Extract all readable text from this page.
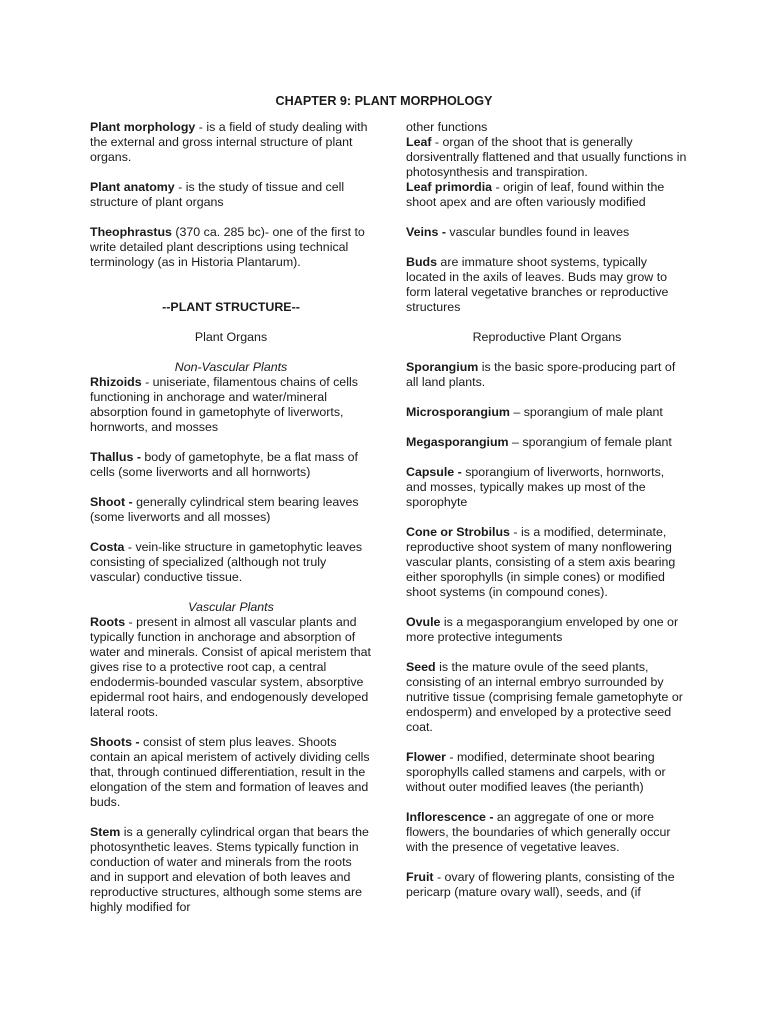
CHAPTER 9: PLANT MORPHOLOGY

Plant morphology - is a field of study dealing with the external and gross internal structure of plant organs.

Plant anatomy - is the study of tissue and cell structure of plant organs

Theophrastus (370 ca. 285 bc)- one of the first to write detailed plant descriptions using technical terminology (as in Historia Plantarum).

--PLANT STRUCTURE--

Plant Organs

Non-Vascular Plants

Rhizoids - uniseriate, filamentous chains of cells functioning in anchorage and water/mineral absorption found in gametophyte of liverworts, hornworts, and mosses

Thallus - body of gametophyte, be a flat mass of cells (some liverworts and all hornworts)

Shoot - generally cylindrical stem bearing leaves (some liverworts and all mosses)

Costa - vein-like structure in gametophytic leaves consisting of specialized (although not truly vascular) conductive tissue.

Vascular Plants

Roots - present in almost all vascular plants and typically function in anchorage and absorption of water and minerals. Consist of apical meristem that gives rise to a protective root cap, a central endodermis-bounded vascular system, absorptive epidermal root hairs, and endogenously developed lateral roots.

Shoots - consist of stem plus leaves. Shoots contain an apical meristem of actively dividing cells that, through continued differentiation, result in the elongation of the stem and formation of leaves and buds.

Stem is a generally cylindrical organ that bears the photosynthetic leaves. Stems typically function in conduction of water and minerals from the roots and in support and elevation of both leaves and reproductive structures, although some stems are highly modified for

other functions

Leaf - organ of the shoot that is generally dorsiventrally flattened and that usually functions in photosynthesis and transpiration.

Leaf primordia - origin of leaf, found within the shoot apex and are often variously modified

Veins - vascular bundles found in leaves

Buds are immature shoot systems, typically located in the axils of leaves. Buds may grow to form lateral vegetative branches or reproductive structures

Reproductive Plant Organs

Sporangium is the basic spore-producing part of all land plants.

Microsporangium – sporangium of male plant

Megasporangium – sporangium of female plant

Capsule - sporangium of liverworts, hornworts, and mosses, typically makes up most of the sporophyte

Cone or Strobilus - is a modified, determinate, reproductive shoot system of many nonflowering vascular plants, consisting of a stem axis bearing either sporophylls (in simple cones) or modified shoot systems (in compound cones).

Ovule is a megasporangium enveloped by one or more protective integuments

Seed is the mature ovule of the seed plants, consisting of an internal embryo surrounded by nutritive tissue (comprising female gametophyte or endosperm) and enveloped by a protective seed coat.

Flower - modified, determinate shoot bearing sporophylls called stamens and carpels, with or without outer modified leaves (the perianth)

Inflorescence - an aggregate of one or more flowers, the boundaries of which generally occur with the presence of vegetative leaves.

Fruit - ovary of flowering plants, consisting of the pericarp (mature ovary wall), seeds, and (if
